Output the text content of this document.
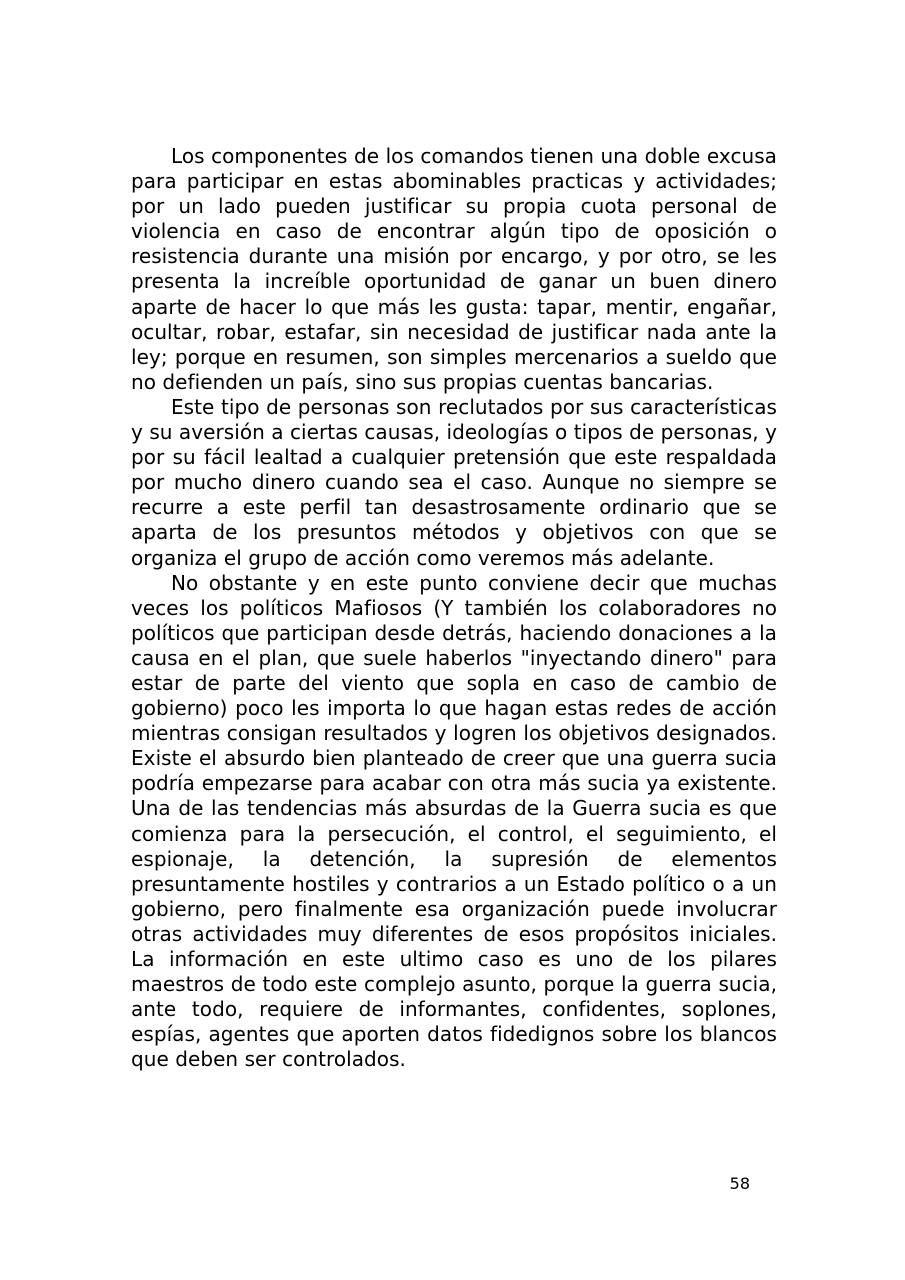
Los componentes de los comandos tienen una doble excusa para participar en estas abominables practicas y actividades; por un lado pueden justificar su propia cuota personal de violencia en caso de encontrar algún tipo de oposición o resistencia durante una misión por encargo, y por otro, se les presenta la increíble oportunidad de ganar un buen dinero aparte de hacer lo que más les gusta: tapar, mentir, engañar, ocultar, robar, estafar, sin necesidad de justificar nada ante la ley; porque en resumen, son simples mercenarios a sueldo que no defienden un país, sino sus propias cuentas bancarias.

Este tipo de personas son reclutados por sus características y su aversión a ciertas causas, ideologías o tipos de personas, y por su fácil lealtad a cualquier pretensión que este respaldada por mucho dinero cuando sea el caso. Aunque no siempre se recurre a este perfil tan desastrosamente ordinario que se aparta de los presuntos métodos y objetivos con que se organiza el grupo de acción como veremos más adelante.

No obstante y en este punto conviene decir que muchas veces los políticos Mafiosos (Y también los colaboradores no políticos que participan desde detrás, haciendo donaciones a la causa en el plan, que suele haberlos "inyectando dinero" para estar de parte del viento que sopla en caso de cambio de gobierno) poco les importa lo que hagan estas redes de acción mientras consigan resultados y logren los objetivos designados. Existe el absurdo bien planteado de creer que una guerra sucia podría empezarse para acabar con otra más sucia ya existente. Una de las tendencias más absurdas de la Guerra sucia es que comienza para la persecución, el control, el seguimiento, el espionaje, la detención, la supresión de elementos presuntamente hostiles y contrarios a un Estado político o a un gobierno, pero finalmente esa organización puede involucrar otras actividades muy diferentes de esos propósitos iniciales. La información en este ultimo caso es uno de los pilares maestros de todo este complejo asunto, porque la guerra sucia, ante todo, requiere de informantes, confidentes, soplones, espías, agentes que aporten datos fidedignos sobre los blancos que deben ser controlados.

58
